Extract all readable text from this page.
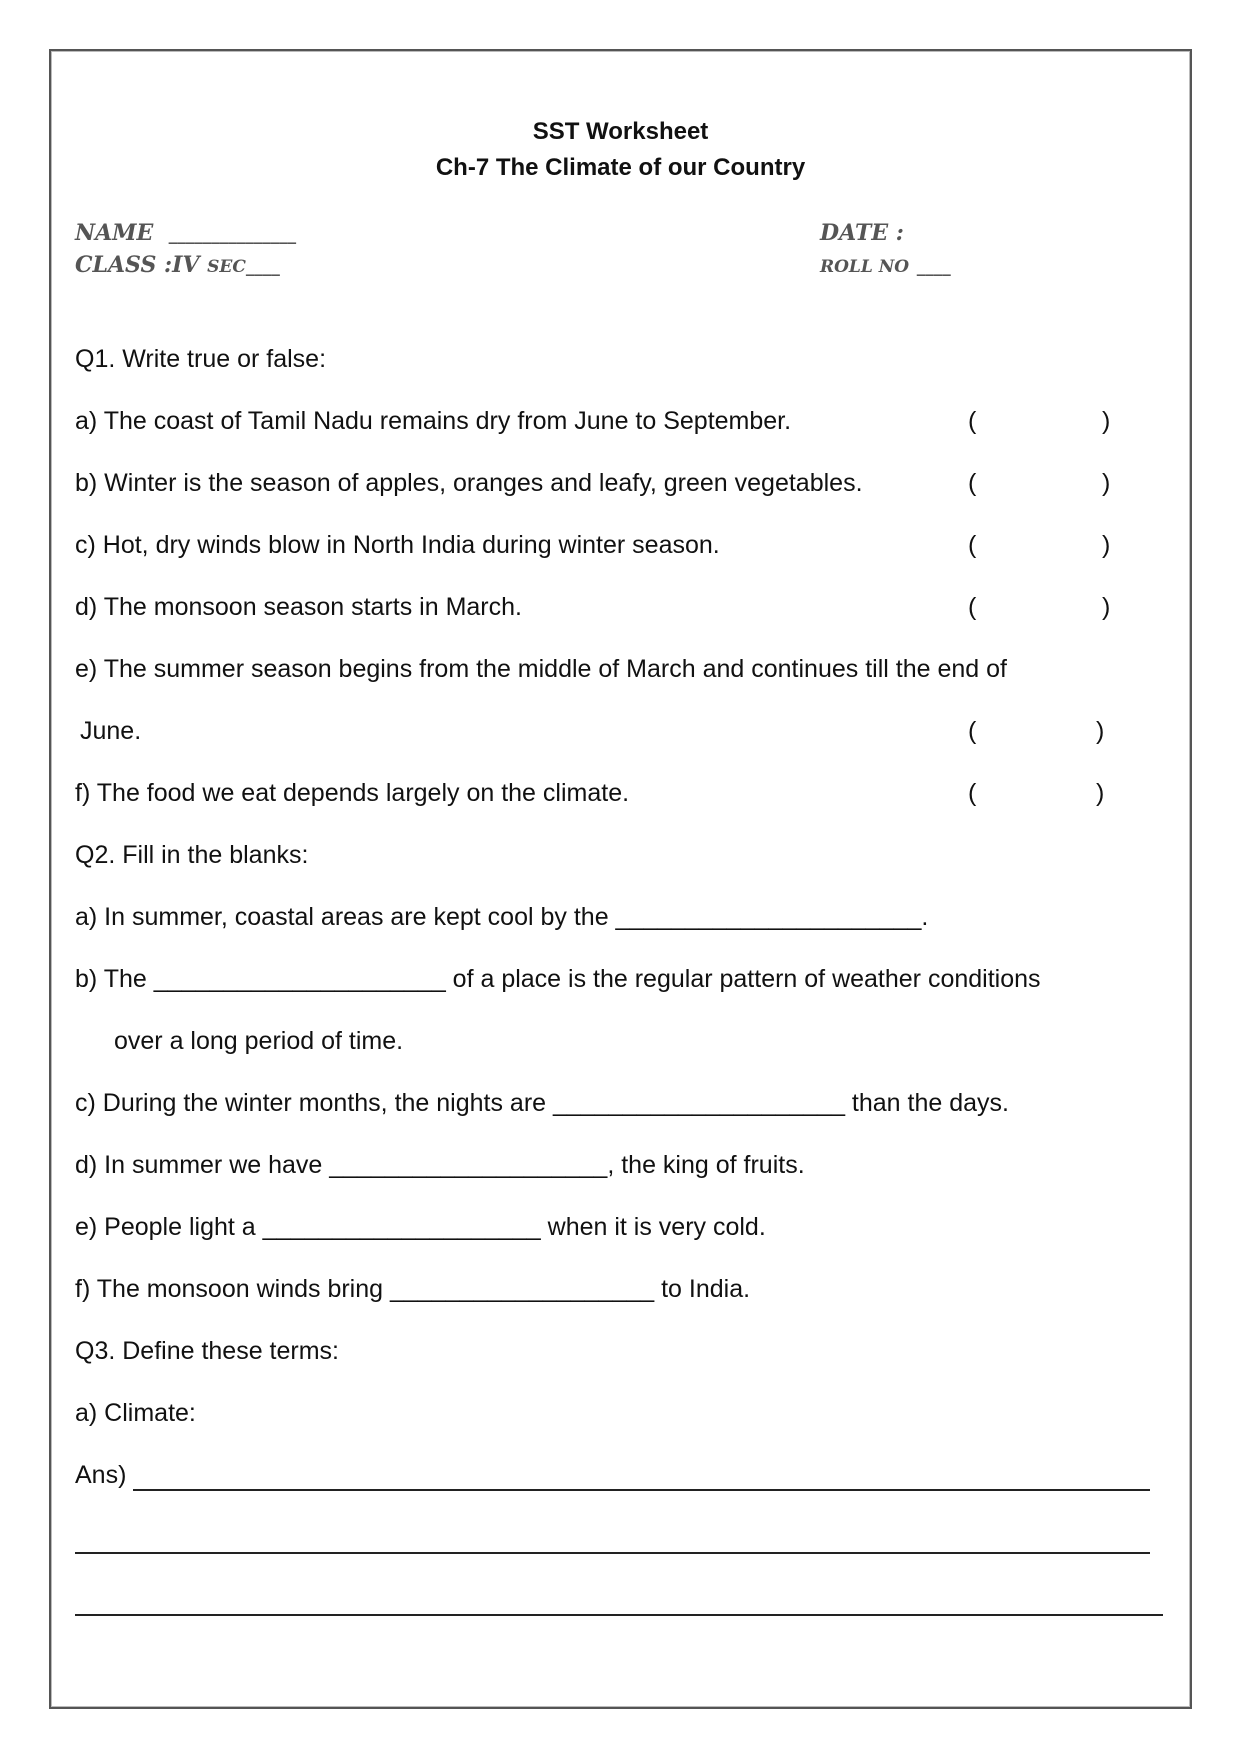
SST Worksheet
Ch-7 The Climate of our Country
NAME _______________
CLASS :IV SEC____
DATE :
ROLL NO ____
Q1. Write true or false:
a) The coast of Tamil Nadu remains dry from June to September.	(	)
b) Winter is the season of apples, oranges and leafy, green vegetables.	(	)
c) Hot, dry winds blow in North India during winter season.	(	)
d) The monsoon season starts in March.	(	)
e) The summer season begins from the middle of March and continues till the end of
June.	(	)
f) The food we eat depends largely on the climate.	(	)
Q2. Fill in the blanks:
a) In summer, coastal areas are kept cool by the ______________________.
b) The _____________________ of a place is the regular pattern of weather conditions
over a long period of time.
c) During the winter months, the nights are _____________________ than the days.
d) In summer we have ____________________, the king of fruits.
e) People light a ____________________ when it is very cold.
f) The monsoon winds bring ___________________ to India.
Q3. Define these terms:
a) Climate:
Ans)
